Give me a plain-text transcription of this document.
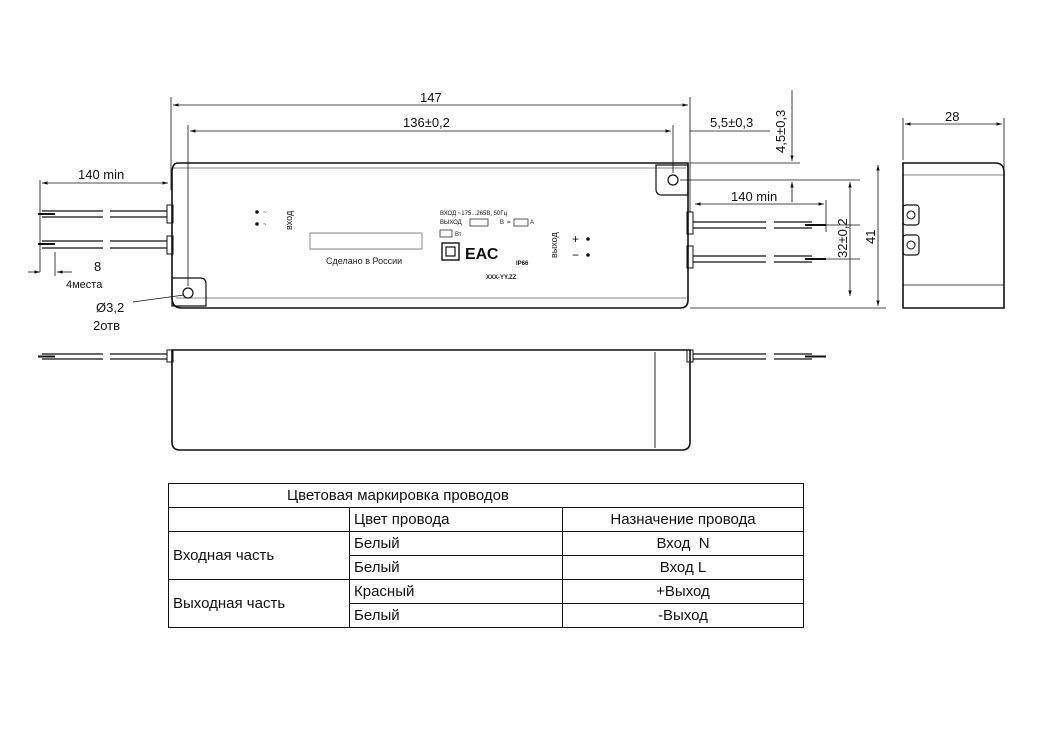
Сделано в России
ВХОД ~175...265В, 50Гц
ВЫХОД	В =	А
Вт
ЕАС
IP66
XXX-YY.ZZ
~
~ вход
выход +
−
147
136±0,2	5,5±0,3 4,5±0,3
140 min
8
4места
Ø3,2
2отв
140 min
32±0,2 41
28
Цветовая маркировка проводов		
	Цвет провода	Назначение провода
Входная часть	Белый	Вход  N
	Белый	Вход L
Выходная часть	Красный	+Выход
	Белый	-Выход
